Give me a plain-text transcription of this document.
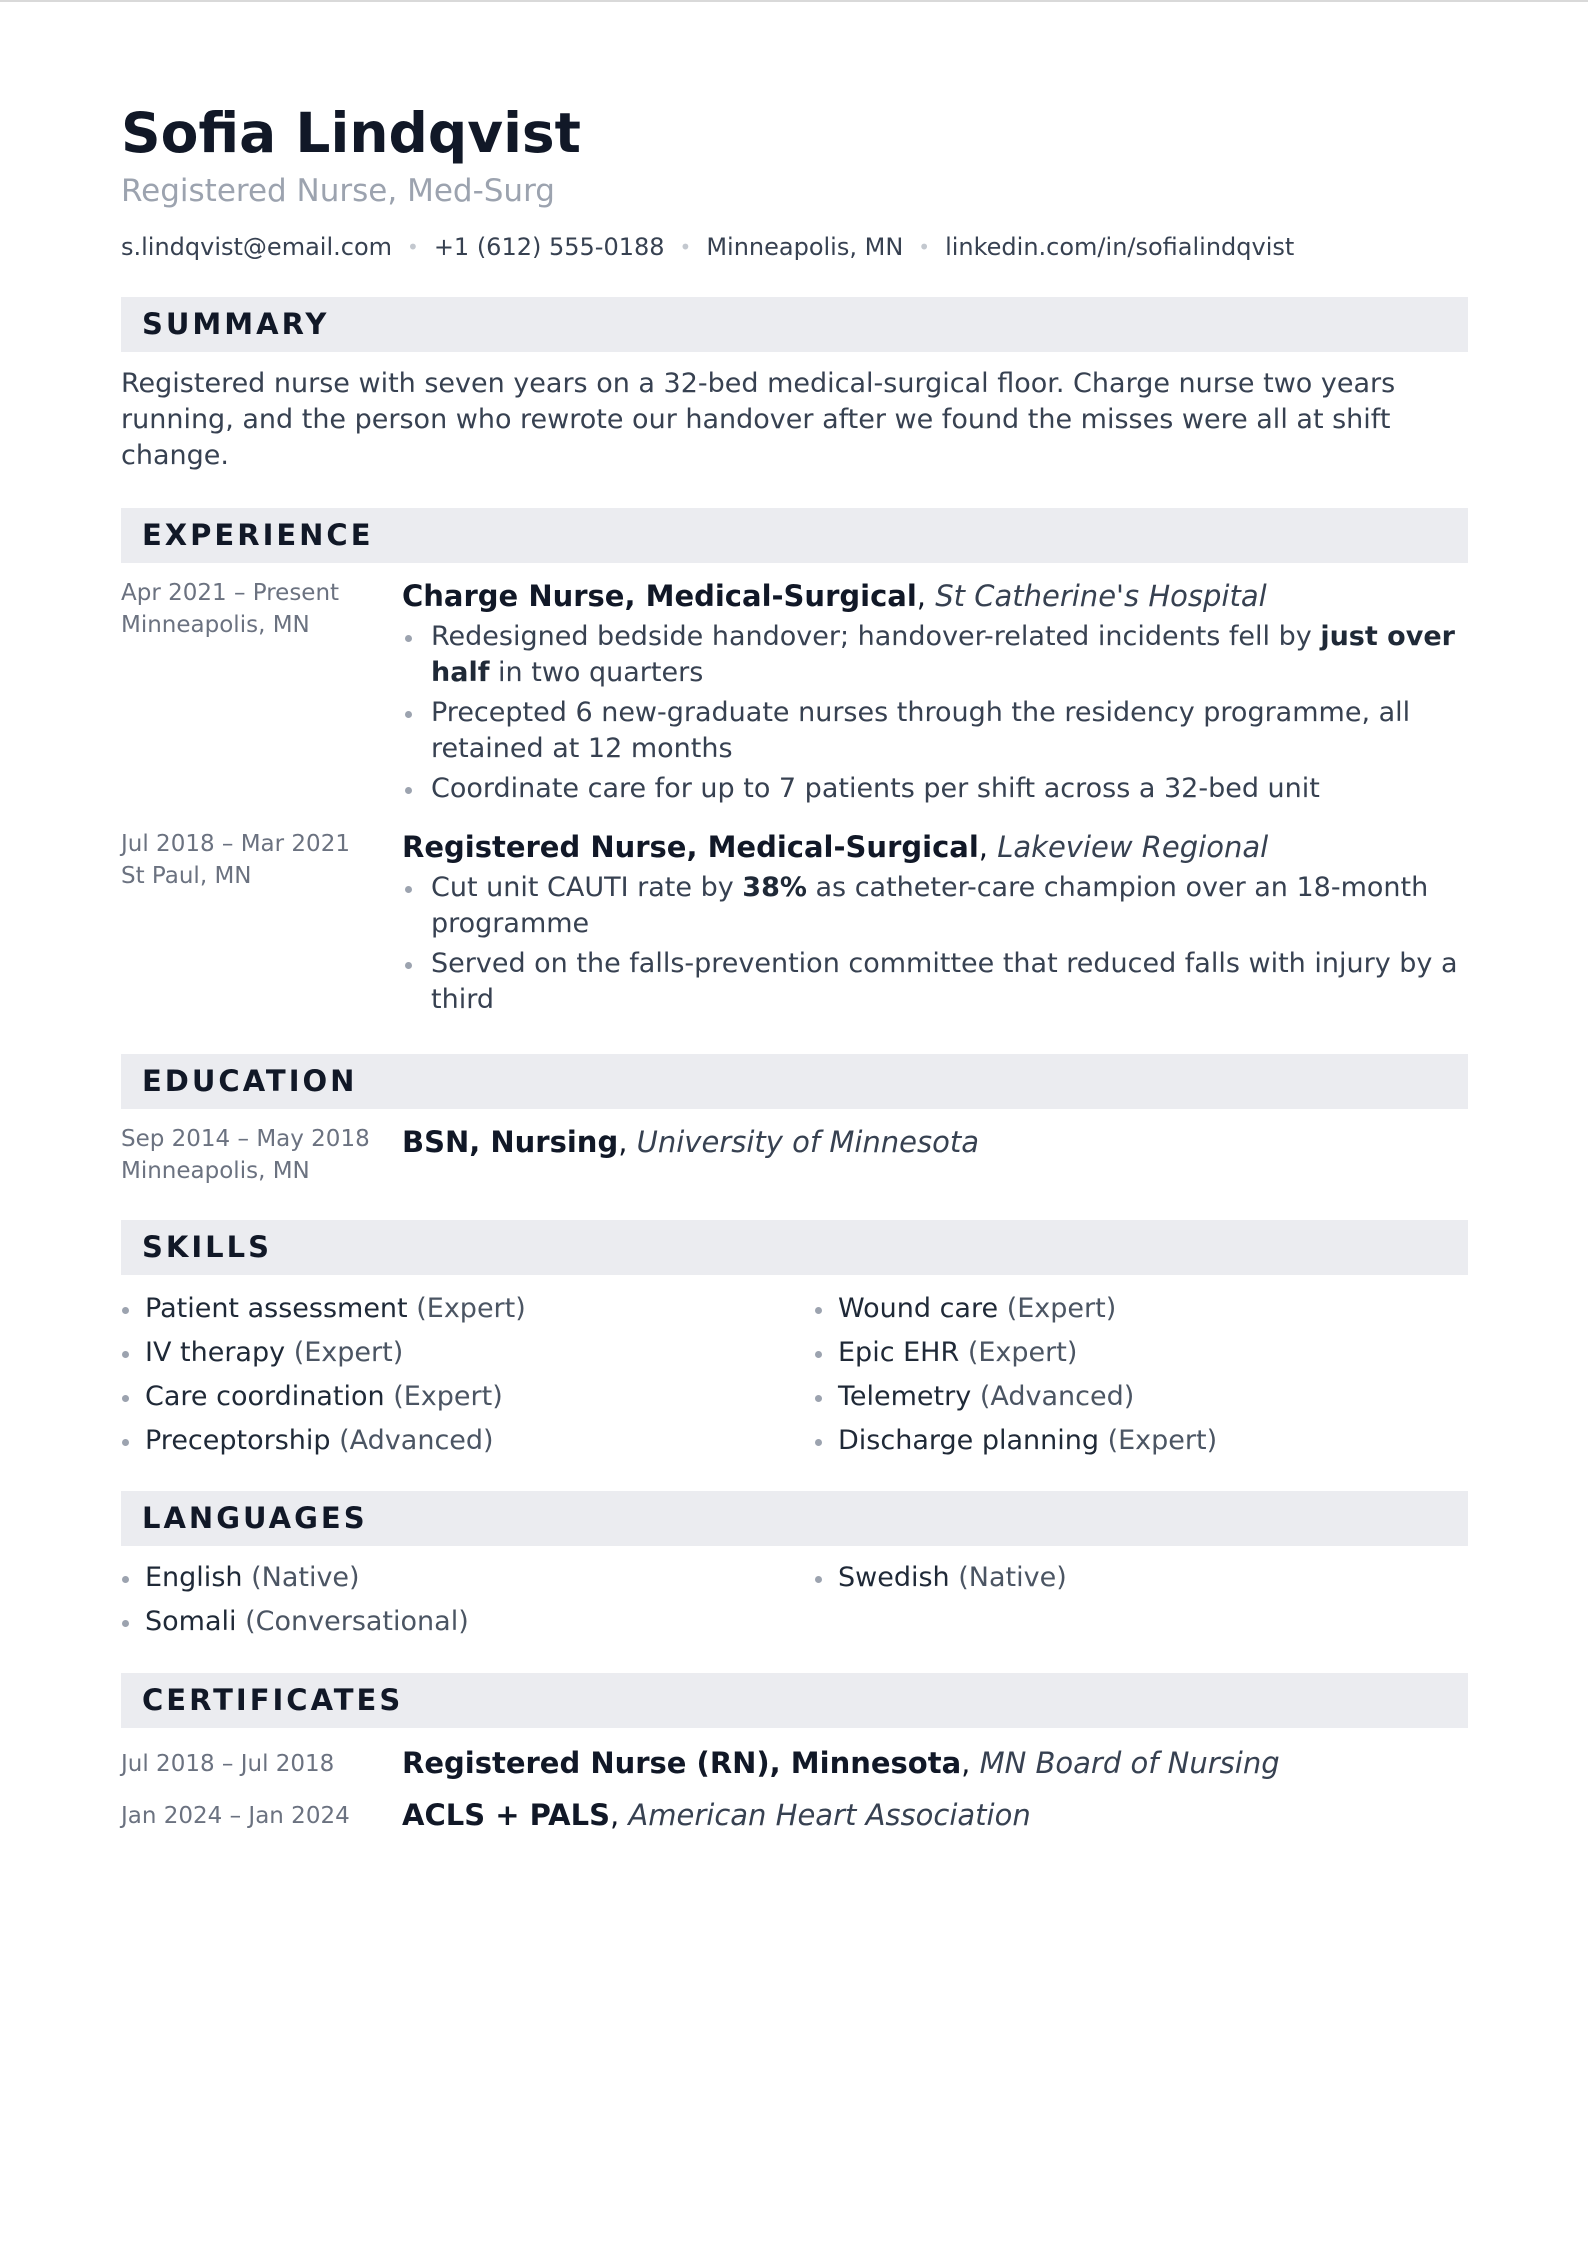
Sofia Lindqvist
Registered Nurse, Med-Surg
s.lindqvist@email.com • +1 (612) 555-0188 • Minneapolis, MN • linkedin.com/in/sofialindqvist
SUMMARY
Registered nurse with seven years on a 32-bed medical-surgical floor. Charge nurse two years running, and the person who rewrote our handover after we found the misses were all at shift change.
EXPERIENCE
Apr 2021 – Present
Minneapolis, MN
Charge Nurse, Medical-Surgical, St Catherine's Hospital
Redesigned bedside handover; handover-related incidents fell by just over half in two quarters
Precepted 6 new-graduate nurses through the residency programme, all retained at 12 months
Coordinate care for up to 7 patients per shift across a 32-bed unit
Jul 2018 – Mar 2021
St Paul, MN
Registered Nurse, Medical-Surgical, Lakeview Regional
Cut unit CAUTI rate by 38% as catheter-care champion over an 18-month programme
Served on the falls-prevention committee that reduced falls with injury by a third
EDUCATION
Sep 2014 – May 2018
Minneapolis, MN
BSN, Nursing, University of Minnesota
SKILLS
Patient assessment (Expert)	Wound care (Expert)
IV therapy (Expert)	Epic EHR (Expert)
Care coordination (Expert)	Telemetry (Advanced)
Preceptorship (Advanced)	Discharge planning (Expert)
LANGUAGES
English (Native)	Swedish (Native)
Somali (Conversational)
CERTIFICATES
Jul 2018 – Jul 2018 Registered Nurse (RN), Minnesota, MN Board of Nursing
Jan 2024 – Jan 2024 ACLS + PALS, American Heart Association
